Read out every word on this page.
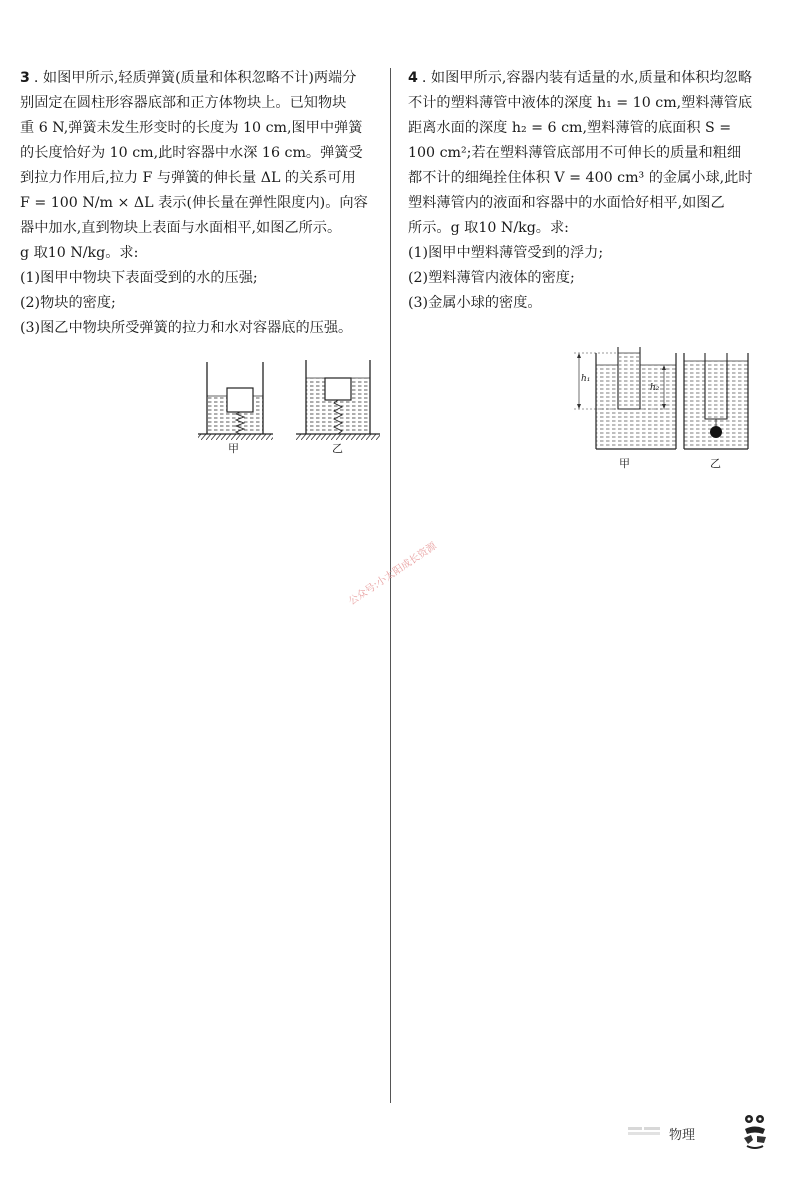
3 . 如图甲所示,轻质弹簧(质量和体积忽略不计)两端分
别固定在圆柱形容器底部和正方体物块上。已知物块
重 6 N,弹簧未发生形变时的长度为 10 cm,图甲中弹簧
的长度恰好为 10 cm,此时容器中水深 16 cm。弹簧受
到拉力作用后,拉力 F 与弹簧的伸长量 ΔL 的关系可用
F = 100 N/m × ΔL 表示(伸长量在弹性限度内)。向容
器中加水,直到物块上表面与水面相平,如图乙所示。
g 取10 N/kg。求:
(1)图甲中物块下表面受到的水的压强;
(2)物块的密度;
(3)图乙中物块所受弹簧的拉力和水对容器底的压强。
甲	乙
4 . 如图甲所示,容器内装有适量的水,质量和体积均忽略
不计的塑料薄管中液体的深度 h₁ = 10 cm,塑料薄管底
距离水面的深度 h₂ = 6 cm,塑料薄管的底面积 S =
100 cm²;若在塑料薄管底部用不可伸长的质量和粗细
都不计的细绳拴住体积 V = 400 cm³ 的金属小球,此时
塑料薄管内的液面和容器中的水面恰好相平,如图乙
所示。g 取10 N/kg。求:
(1)图甲中塑料薄管受到的浮力;
(2)塑料薄管内液体的密度;
(3)金属小球的密度。
h₁
h₂
甲	乙
公众号:小太阳成长资源
物理
